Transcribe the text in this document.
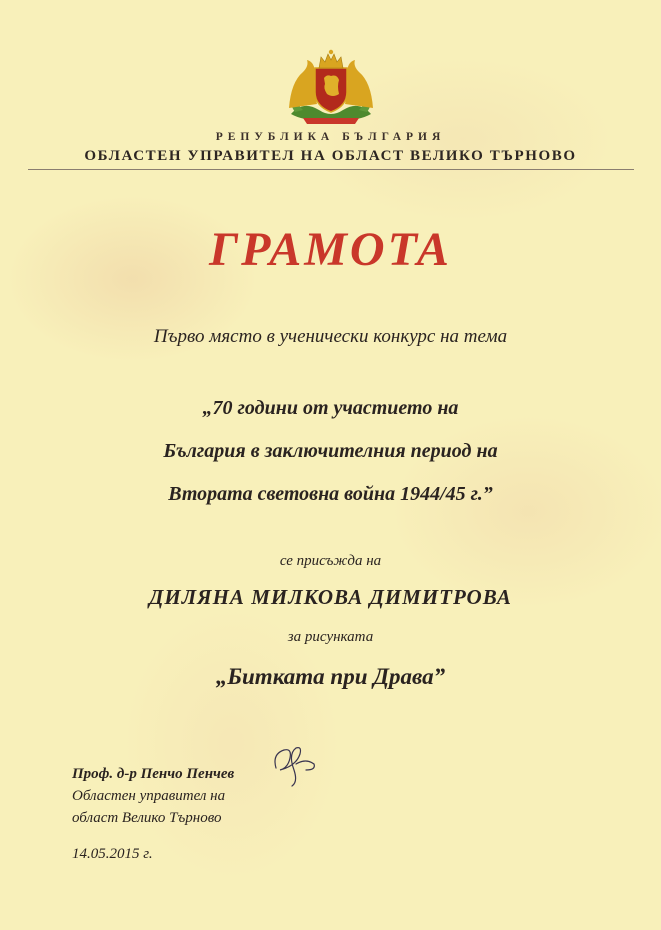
РЕПУБЛИКА БЪЛГАРИЯ
ОБЛАСТЕН УПРАВИТЕЛ НА ОБЛАСТ ВЕЛИКО ТЪРНОВО
ГРАМОТА
Първо място в ученически конкурс на тема
„70 години от участието на
България в заключителния период на
Втората световна война 1944/45 г.”
се присъжда на
ДИЛЯНА МИЛКОВА ДИМИТРОВА
за рисунката
„Битката при Драва”
Проф. д-р Пенчо Пенчев
Областен управител на
област Велико Търново
14.05.2015 г.
